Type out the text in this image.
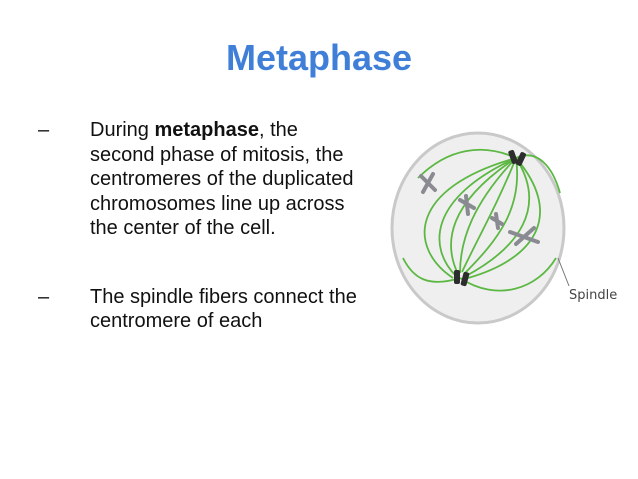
Metaphase

– During metaphase, the second phase of mitosis, the centromeres of the duplicated chromosomes line up across the center of the cell.

– The spindle fibers connect the centromere of each

Spindle
